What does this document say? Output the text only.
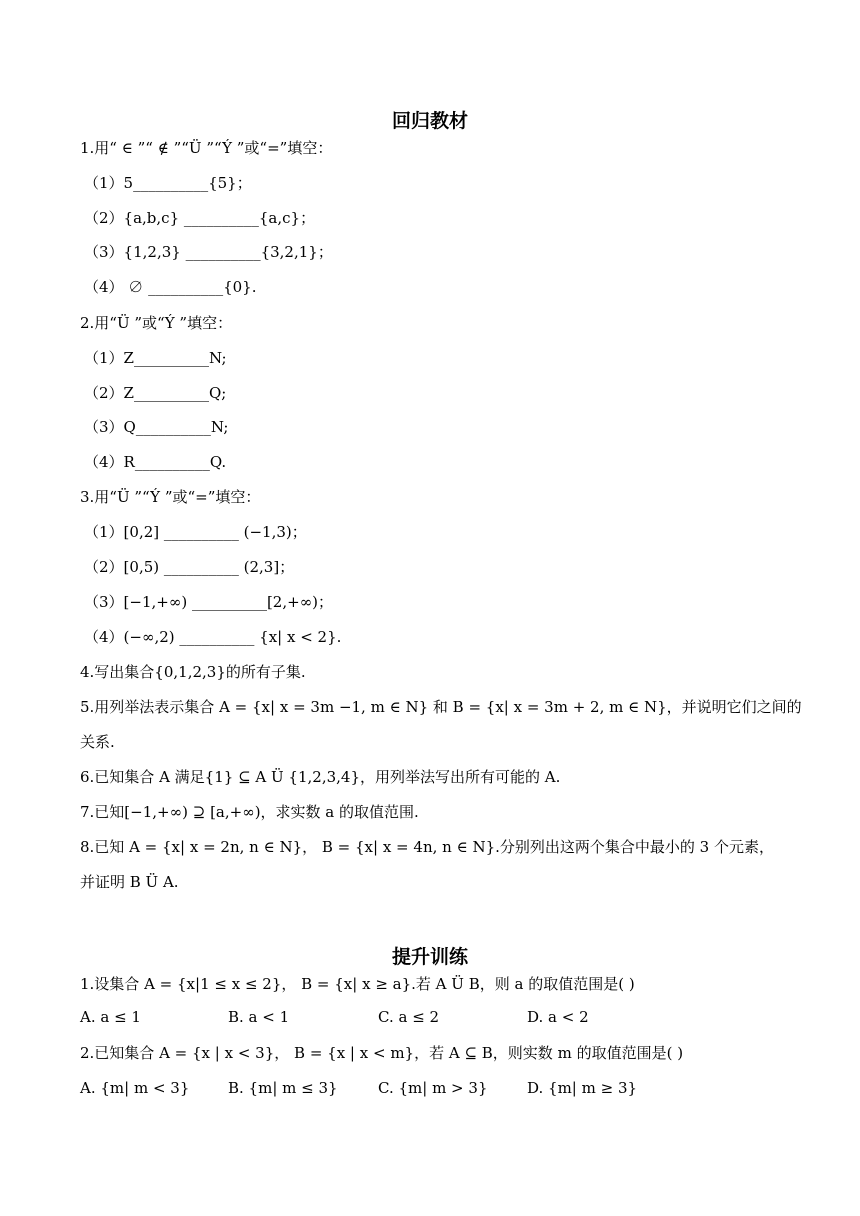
回归教材
1.用“ ∈ ”“ ∉ ”“Ü ”“Ý ”或“=”填空：
（1）5__________{5}；
（2）{a,b,c} __________{a,c}；
（3）{1,2,3} __________{3,2,1}；
（4） ∅ __________{0}.
2.用“Ü ”或“Ý ”填空：
（1）Z__________N;
（2）Z__________Q;
（3）Q__________N;
（4）R__________Q.
3.用“Ü ”“Ý ”或“=”填空：
（1）[0,2] __________ (−1,3)；
（2）[0,5) __________ (2,3]；
（3）[−1,+∞) __________[2,+∞)；
（4）(−∞,2) __________ {x| x < 2}.
4.写出集合{0,1,2,3}的所有子集.
5.用列举法表示集合 A = {x| x = 3m −1, m ∈ N} 和 B = {x| x = 3m + 2, m ∈ N}，并说明它们之间的
关系.
6.已知集合 A 满足{1} ⊆ A Ü {1,2,3,4}，用列举法写出所有可能的 A.
7.已知[−1,+∞) ⊇ [a,+∞)，求实数 a 的取值范围.
8.已知 A = {x| x = 2n, n ∈ N}， B = {x| x = 4n, n ∈ N}.分别列出这两个集合中最小的 3 个元素，
并证明 B Ü A.
提升训练
1.设集合 A = {x|1 ≤ x ≤ 2}， B = {x| x ≥ a}.若 A Ü B，则 a 的取值范围是( )
A. a ≤ 1	B. a < 1	C. a ≤ 2	D. a < 2
2.已知集合 A = {x | x < 3}， B = {x | x < m}，若 A ⊆ B，则实数 m 的取值范围是( )
A. {m| m < 3}	B. {m| m ≤ 3}	C. {m| m > 3}	D. {m| m ≥ 3}
